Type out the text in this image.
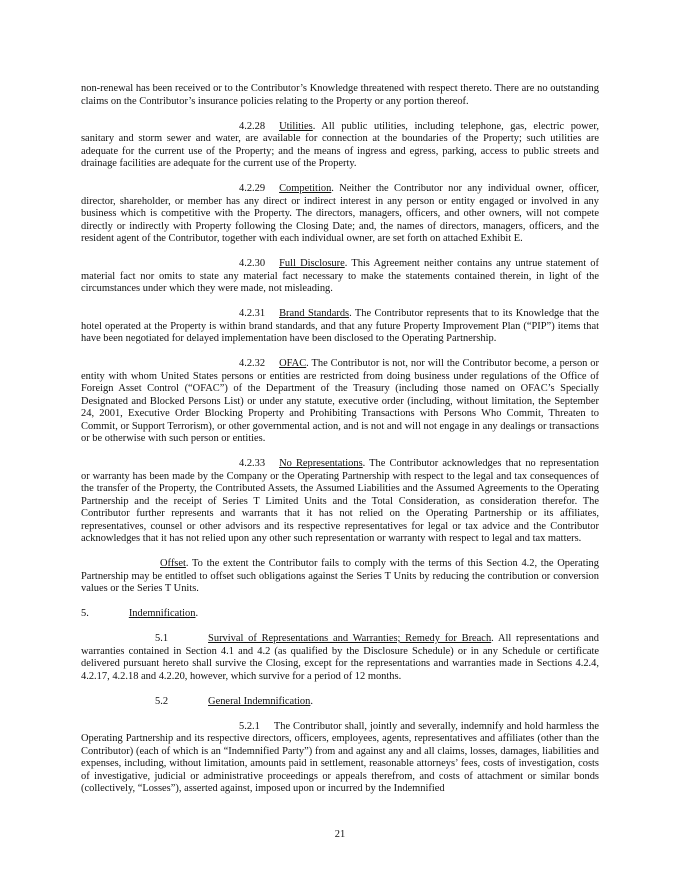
non-renewal has been received or to the Contributor’s Knowledge threatened with respect thereto. There are no outstanding claims on the Contributor’s insurance policies relating to the Property or any portion thereof.

4.2.28 Utilities. All public utilities, including telephone, gas, electric power, sanitary and storm sewer and water, are available for connection at the boundaries of the Property; such utilities are adequate for the current use of the Property; and the means of ingress and egress, parking, access to public streets and drainage facilities are adequate for the current use of the Property.

4.2.29 Competition. Neither the Contributor nor any individual owner, officer, director, shareholder, or member has any direct or indirect interest in any person or entity engaged or involved in any business which is competitive with the Property. The directors, managers, officers, and other owners, will not compete directly or indirectly with Property following the Closing Date; and, the names of directors, managers, officers, and the resident agent of the Contributor, together with each individual owner, are set forth on attached Exhibit E.

4.2.30 Full Disclosure. This Agreement neither contains any untrue statement of material fact nor omits to state any material fact necessary to make the statements contained therein, in light of the circumstances under which they were made, not misleading.

4.2.31 Brand Standards. The Contributor represents that to its Knowledge that the hotel operated at the Property is within brand standards, and that any future Property Improvement Plan (“PIP”) items that have been negotiated for delayed implementation have been disclosed to the Operating Partnership.

4.2.32 OFAC. The Contributor is not, nor will the Contributor become, a person or entity with whom United States persons or entities are restricted from doing business under regulations of the Office of Foreign Asset Control (“OFAC”) of the Department of the Treasury (including those named on OFAC’s Specially Designated and Blocked Persons List) or under any statute, executive order (including, without limitation, the September 24, 2001, Executive Order Blocking Property and Prohibiting Transactions with Persons Who Commit, Threaten to Commit, or Support Terrorism), or other governmental action, and is not and will not engage in any dealings or transactions or be otherwise with such person or entities.

4.2.33 No Representations. The Contributor acknowledges that no representation or warranty has been made by the Company or the Operating Partnership with respect to the legal and tax consequences of the transfer of the Property, the Contributed Assets, the Assumed Liabilities and the Assumed Agreements to the Operating Partnership and the receipt of Series T Limited Units and the Total Consideration, as consideration therefor. The Contributor further represents and warrants that it has not relied on the Operating Partnership or its affiliates, representatives, counsel or other advisors and its respective representatives for legal or tax advice and the Contributor acknowledges that it has not relied upon any other such representation or warranty with respect to legal and tax matters.

Offset. To the extent the Contributor fails to comply with the terms of this Section 4.2, the Operating Partnership may be entitled to offset such obligations against the Series T Units by reducing the contribution or conversion values or the Series T Units.

5.	Indemnification.

5.1	Survival of Representations and Warranties; Remedy for Breach. All representations and warranties contained in Section 4.1 and 4.2 (as qualified by the Disclosure Schedule) or in any Schedule or certificate delivered pursuant hereto shall survive the Closing, except for the representations and warranties made in Sections 4.2.4, 4.2.17, 4.2.18 and 4.2.20, however, which survive for a period of 12 months.

5.2	General Indemnification.

5.2.1 The Contributor shall, jointly and severally, indemnify and hold harmless the Operating Partnership and its respective directors, officers, employees, agents, representatives and affiliates (other than the Contributor) (each of which is an “Indemnified Party”) from and against any and all claims, losses, damages, liabilities and expenses, including, without limitation, amounts paid in settlement, reasonable attorneys’ fees, costs of investigation, costs of investigative, judicial or administrative proceedings or appeals therefrom, and costs of attachment or similar bonds (collectively, “Losses”), asserted against, imposed upon or incurred by the Indemnified

21
